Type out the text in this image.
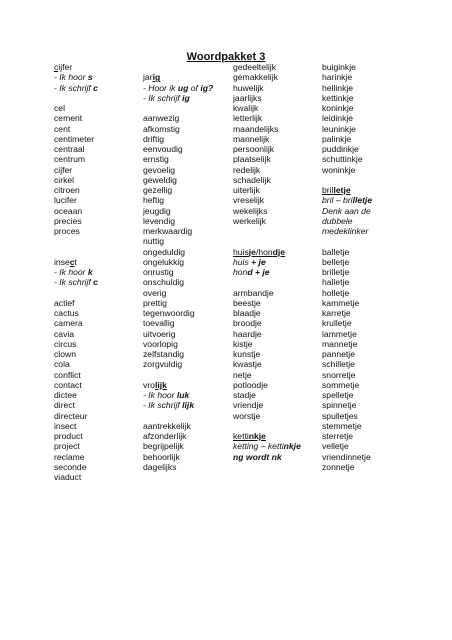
Woordpakket 3
cijfer
- Ik hoor s
- Ik schrijf c
cel
cement
cent
centimeter
centraal
centrum
cijfer
cirkel
citroen
lucifer
oceaan
precies
proces
insect
- Ik hoor k
- Ik schrijf c
actief
cactus
camera
cavia
circus
clown
cola
conflict
contact
dictee
direct
directeur
insect
product
project
reclame
seconde
viaduct
jarig
- Hoor ik ug of ig?
- Ik schrijf ig
aanwezig
afkomstig
driftig
eenvoudig
ernstig
gevoelig
geweldig
gezellig
heftig
jeugdig
levendig
merkwaardig
nuttig
ongeduldig
ongelukkig
onrustig
onschuldig
overig
prettig
tegenwoordig
toevallig
uitvoerig
voorlopig
zelfstandig
zorgvuldig
vrolijk
- Ik hoor luk
- Ik schrijf lijk
aantrekkelijk
afzonderlijk
begrijpelijk
behoorlijk
dagelijks
gedeeltelijk
gemakkelijk
huwelijk
jaarlijks
kwalijk
letterlijk
maandelijks
mannelijk
persoonlijk
plaatselijk
redelijk
schadelijk
uiterlijk
vreselijk
wekelijks
werkelijk
huisje/hondje
huis + je
hond + je
armbandje
beestje
blaadje
broodje
haardje
kistje
kunstje
kwastje
netje
potloodje
stadje
vriendje
worstje
kettinkje
ketting – kettinkje
ng wordt nk
buiginkje
harinkje
hellinkje
kettinkje
koninkje
leidinkje
leuninkje
palinkje
puddinkje
schuttinkje
woninkje
brilletje
bril – brilletje
Denk aan de
dubbele
medeklinker
balletje
belletje
brilletje
halletje
holletje
kammetje
karretje
krulletje
lammetje
mannetje
pannetje
schilletje
snorretje
sommetje
spelletje
spinnetje
spulletjes
stemmetje
sterretje
velletje
vriendinnetje
zonnetje
